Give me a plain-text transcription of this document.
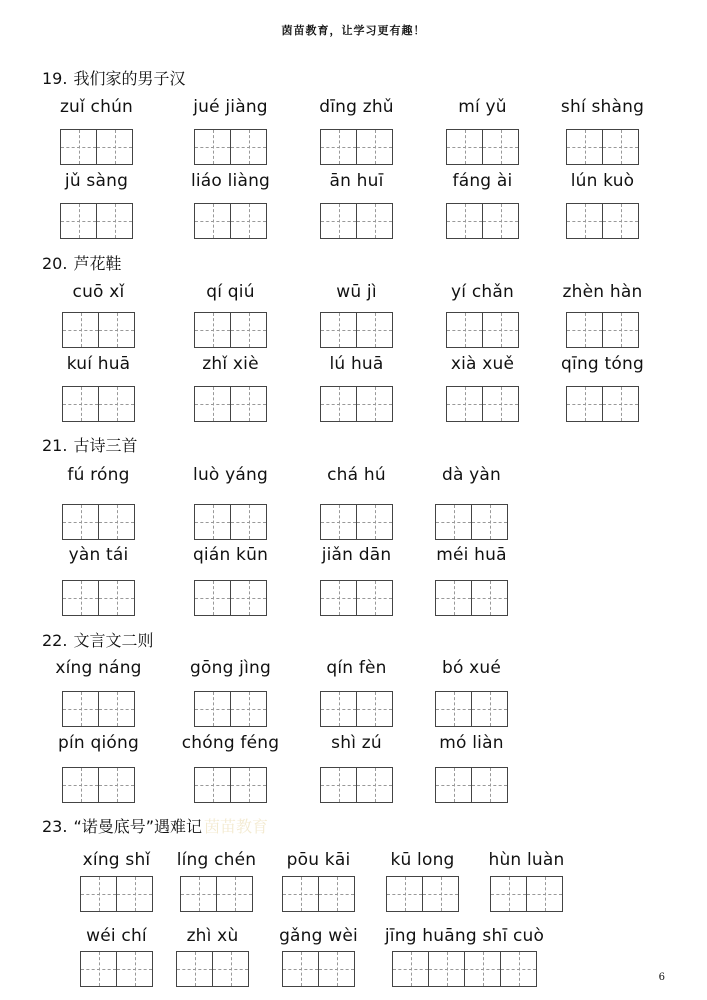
茵苗教育，让学习更有趣！
19. 我们家的男子汉
zuǐ chún	jué jiàng	dīng zhǔ	mí yǔ	shí shàng
jǔ sàng	liáo liàng	ān huī	fáng ài	lún kuò
20. 芦花鞋
cuō xǐ	qí qiú	wū jì	yí chǎn	zhèn hàn
kuí huā	zhǐ xiè	lú huā	xià xuě	qīng tóng
21. 古诗三首
fú róng	luò yáng	chá hú	dà yàn
yàn tái	qián kūn	jiǎn dān	méi huā
22. 文言文二则
xíng náng	gōng jìng	qín fèn	bó xué
pín qióng	chóng féng	shì zú	mó liàn
23. “诺曼底号”遇难记 茵苗教育
xíng shǐ	líng chén	pōu kāi	kū long	hùn luàn
wéi chí	zhì xù	gǎng wèi	jīng huāng shī cuò
6
